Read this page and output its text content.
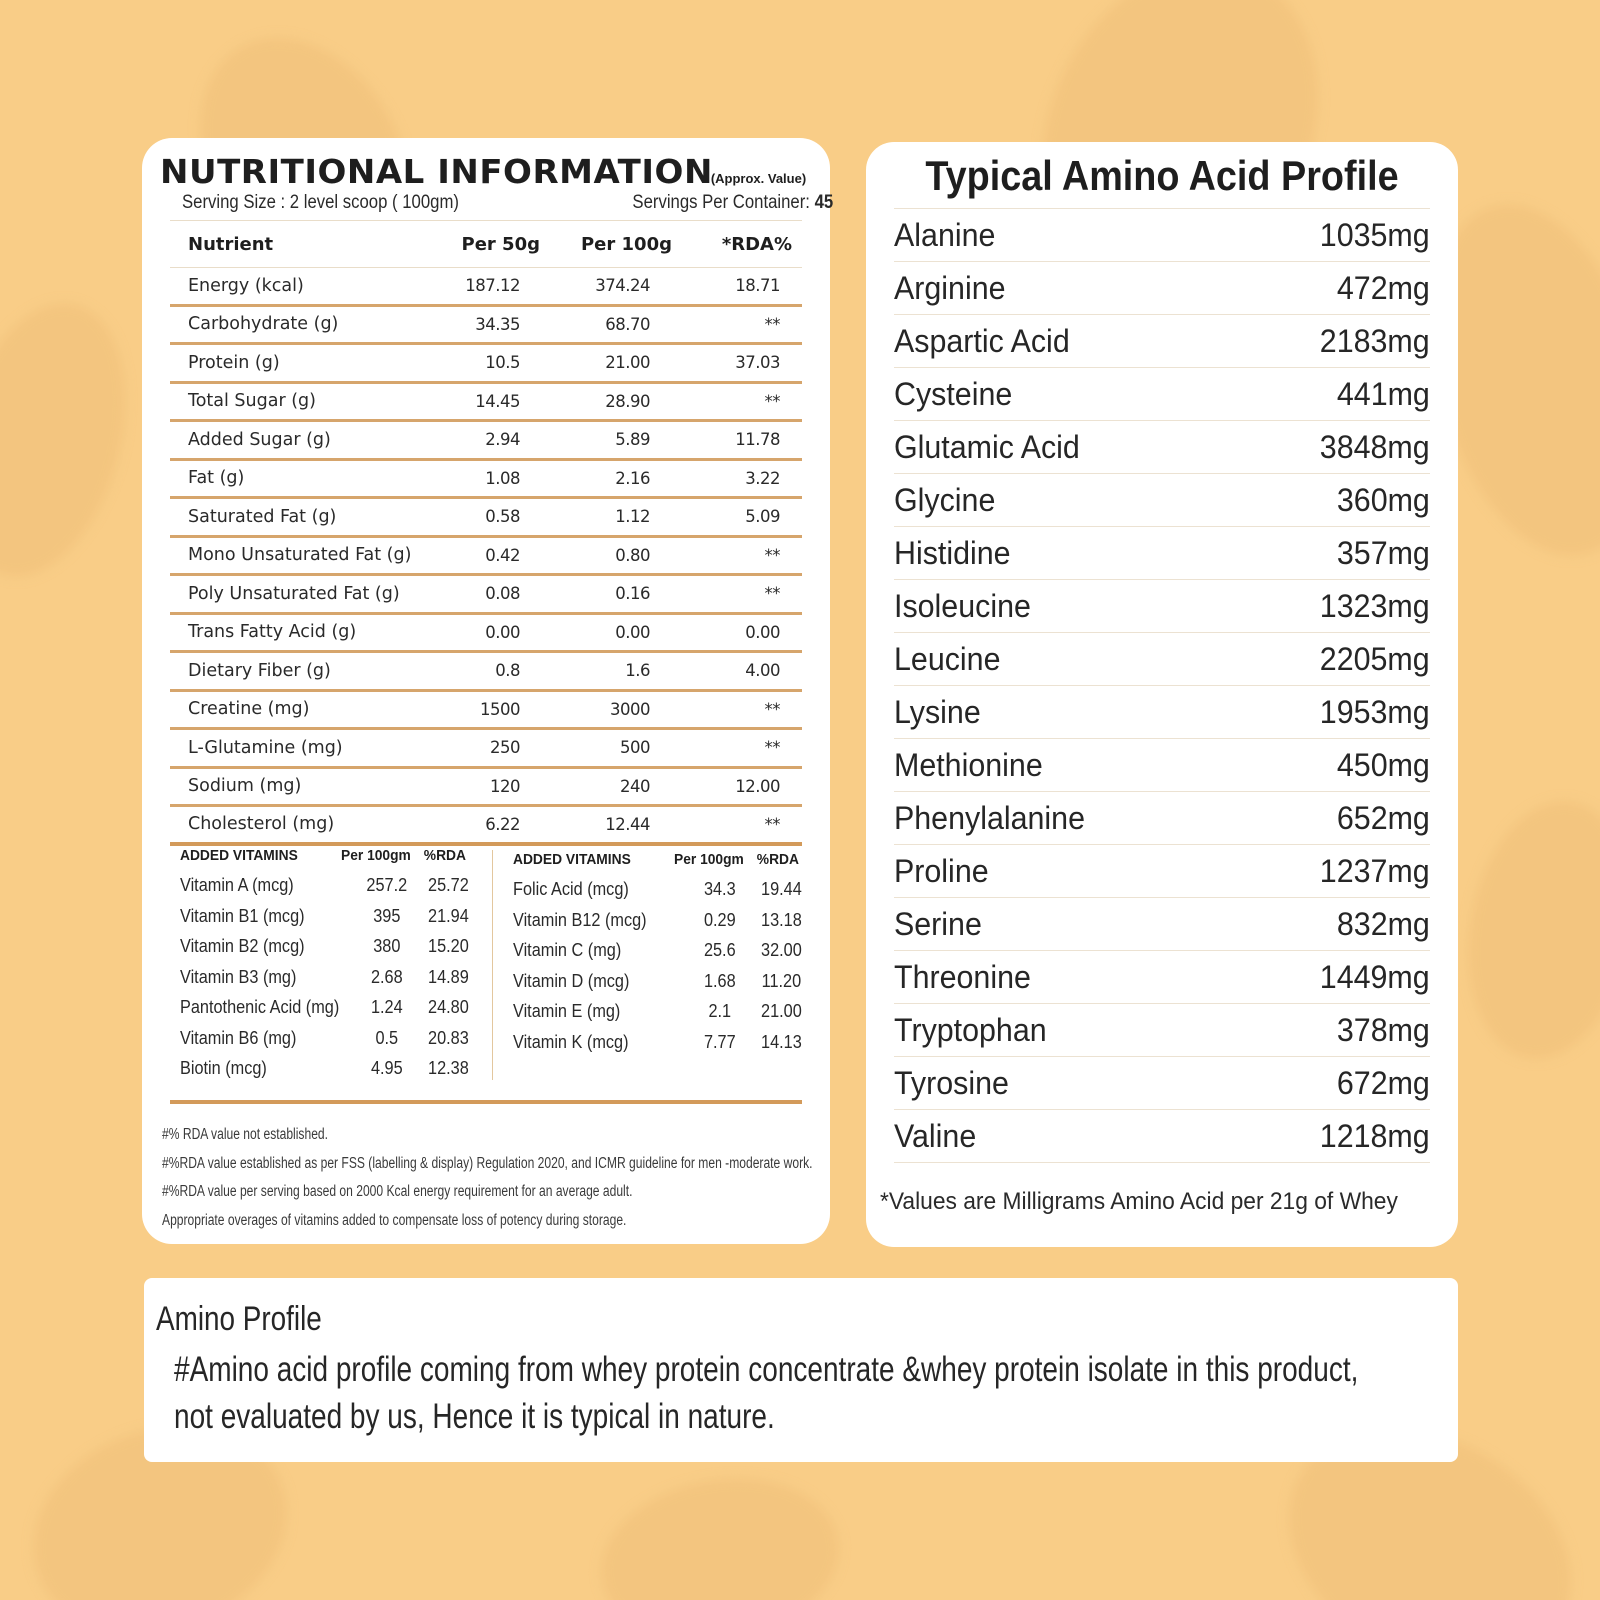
NUTRITIONAL INFORMATION
(Approx. Value)
Serving Size : 2 level scoop ( 100gm)	Servings Per Container: 45
Nutrient	Per 50g	Per 100g	*RDA%
Energy (kcal)	187.12	374.24	18.71
Carbohydrate (g)	34.35	68.70	**
Protein (g)	10.5	21.00	37.03
Total Sugar (g)	14.45	28.90	**
Added Sugar (g)	2.94	5.89	11.78
Fat (g)	1.08	2.16	3.22
Saturated Fat (g)	0.58	1.12	5.09
Mono Unsaturated Fat (g)	0.42	0.80	**
Poly Unsaturated Fat (g)	0.08	0.16	**
Trans Fatty Acid (g)	0.00	0.00	0.00
Dietary Fiber (g)	0.8	1.6	4.00
Creatine (mg)	1500	3000	**
L-Glutamine (mg)	250	500	**
Sodium (mg)	120	240	12.00
Cholesterol (mg)	6.22	12.44	**
ADDED VITAMINS	Per 100gm %RDA
Vitamin A (mcg)	257.2	25.72
Vitamin B1 (mcg)	395	21.94
Vitamin B2 (mcg)	380	15.20
Vitamin B3 (mg)	2.68	14.89
Pantothenic Acid (mg)	1.24	24.80
Vitamin B6 (mg)	0.5	20.83
Biotin (mcg)	4.95	12.38
ADDED VITAMINS	Per 100gm %RDA
Folic Acid (mcg)	34.3	19.44
Vitamin B12 (mcg)	0.29	13.18
Vitamin C (mg)	25.6	32.00
Vitamin D (mcg)	1.68	11.20
Vitamin E (mg)	2.1	21.00
Vitamin K (mcg)	7.77	14.13
#% RDA value not established.
#%RDA value established as per FSS (labelling & display) Regulation 2020, and ICMR guideline for men -moderate work.
#%RDA value per serving based on 2000 Kcal energy requirement for an average adult.
Appropriate overages of vitamins added to compensate loss of potency during storage.
Typical Amino Acid Profile
Alanine	1035mg
Arginine	472mg
Aspartic Acid	2183mg
Cysteine	441mg
Glutamic Acid	3848mg
Glycine	360mg
Histidine	357mg
Isoleucine	1323mg
Leucine	2205mg
Lysine	1953mg
Methionine	450mg
Phenylalanine	652mg
Proline	1237mg
Serine	832mg
Threonine	1449mg
Tryptophan	378mg
Tyrosine	672mg
Valine	1218mg
*Values are Milligrams Amino Acid per 21g of Whey
Amino Profile
#Amino acid profile coming from whey protein concentrate &whey protein isolate in this product,
not evaluated by us, Hence it is typical in nature.
